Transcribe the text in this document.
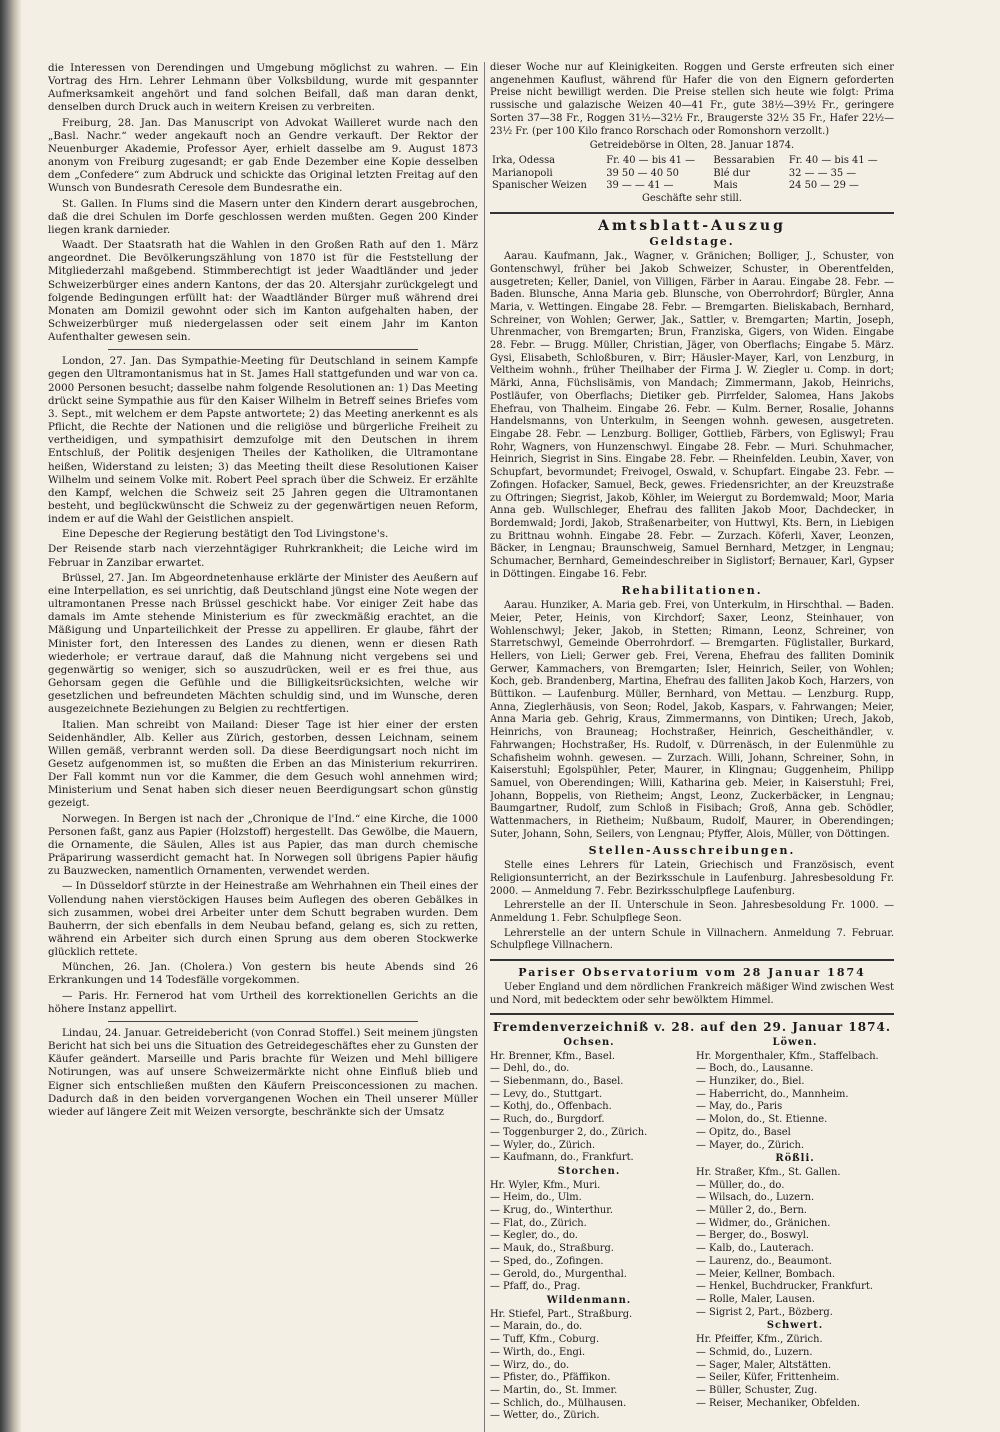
die Interessen von Derendingen und Umgebung möglichst zu wahren. — Ein Vortrag des Hrn. Lehrer Lehmann über Volksbildung, wurde mit gespannter Aufmerksamkeit angehört und fand solchen Beifall, daß man daran denkt, denselben durch Druck auch in weitern Kreisen zu verbreiten.

Freiburg, 28. Jan. Das Manuscript von Advokat Wailleret wurde nach den „Basl. Nachr.“ weder angekauft noch an Gendre verkauft. Der Rektor der Neuenburger Akademie, Professor Ayer, erhielt dasselbe am 9. August 1873 anonym von Freiburg zugesandt; er gab Ende Dezember eine Kopie desselben dem „Confedere“ zum Abdruck und schickte das Original letzten Freitag auf den Wunsch von Bundesrath Ceresole dem Bundesrathe ein.

St. Gallen. In Flums sind die Masern unter den Kindern derart ausgebrochen, daß die drei Schulen im Dorfe geschlossen werden mußten. Gegen 200 Kinder liegen krank darnieder.

Waadt. Der Staatsrath hat die Wahlen in den Großen Rath auf den 1. März angeordnet. Die Bevölkerungszählung von 1870 ist für die Feststellung der Mitgliederzahl maßgebend. Stimmberechtigt ist jeder Waadtländer und jeder Schweizerbürger eines andern Kantons, der das 20. Altersjahr zurückgelegt und folgende Bedingungen erfüllt hat: der Waadtländer Bürger muß während drei Monaten am Domizil gewohnt oder sich im Kanton aufgehalten haben, der Schweizerbürger muß niedergelassen oder seit einem Jahr im Kanton Aufenthalter gewesen sein.

London, 27. Jan. Das Sympathie-Meeting für Deutschland in seinem Kampfe gegen den Ultramontanismus hat in St. James Hall stattgefunden und war von ca. 2000 Personen besucht; dasselbe nahm folgende Resolutionen an: 1) Das Meeting drückt seine Sympathie aus für den Kaiser Wilhelm in Betreff seines Briefes vom 3. Sept., mit welchem er dem Papste antwortete; 2) das Meeting anerkennt es als Pflicht, die Rechte der Nationen und die religiöse und bürgerliche Freiheit zu vertheidigen, und sympathisirt demzufolge mit den Deutschen in ihrem Entschluß, der Politik desjenigen Theiles der Katholiken, die Ultramontane heißen, Widerstand zu leisten; 3) das Meeting theilt diese Resolutionen Kaiser Wilhelm und seinem Volke mit. Robert Peel sprach über die Schweiz. Er erzählte den Kampf, welchen die Schweiz seit 25 Jahren gegen die Ultramontanen besteht, und beglückwünscht die Schweiz zu der gegenwärtigen neuen Reform, indem er auf die Wahl der Geistlichen anspielt.

Eine Depesche der Regierung bestätigt den Tod Livingstone's.

Der Reisende starb nach vierzehntägiger Ruhrkrankheit; die Leiche wird im Februar in Zanzibar erwartet.

Brüssel, 27. Jan. Im Abgeordnetenhause erklärte der Minister des Aeußern auf eine Interpellation, es sei unrichtig, daß Deutschland jüngst eine Note wegen der ultramontanen Presse nach Brüssel geschickt habe. Vor einiger Zeit habe das damals im Amte stehende Ministerium es für zweckmäßig erachtet, an die Mäßigung und Unparteilichkeit der Presse zu appelliren. Er glaube, fährt der Minister fort, den Interessen des Landes zu dienen, wenn er diesen Rath wiederhole; er vertraue darauf, daß die Mahnung nicht vergebens sei und gegenwärtig so weniger, sich so auszudrücken, weil er es frei thue, aus Gehorsam gegen die Gefühle und die Billigkeitsrücksichten, welche wir gesetzlichen und befreundeten Mächten schuldig sind, und im Wunsche, deren ausgezeichnete Beziehungen zu Belgien zu rechtfertigen.

Italien. Man schreibt von Mailand: Dieser Tage ist hier einer der ersten Seidenhändler, Alb. Keller aus Zürich, gestorben, dessen Leichnam, seinem Willen gemäß, verbrannt werden soll. Da diese Beerdigungsart noch nicht im Gesetz aufgenommen ist, so mußten die Erben an das Ministerium rekurriren. Der Fall kommt nun vor die Kammer, die dem Gesuch wohl annehmen wird; Ministerium und Senat haben sich dieser neuen Beerdigungsart schon günstig gezeigt.

Norwegen. In Bergen ist nach der „Chronique de l'Ind.“ eine Kirche, die 1000 Personen faßt, ganz aus Papier (Holzstoff) hergestellt. Das Gewölbe, die Mauern, die Ornamente, die Säulen, Alles ist aus Papier, das man durch chemische Präparirung wasserdicht gemacht hat. In Norwegen soll übrigens Papier häufig zu Bauzwecken, namentlich Ornamenten, verwendet werden.

— In Düsseldorf stürzte in der Heinestraße am Wehrhahnen ein Theil eines der Vollendung nahen vierstöckigen Hauses beim Auflegen des oberen Gebälkes in sich zusammen, wobei drei Arbeiter unter dem Schutt begraben wurden. Dem Bauherrn, der sich ebenfalls in dem Neubau befand, gelang es, sich zu retten, während ein Arbeiter sich durch einen Sprung aus dem oberen Stockwerke glücklich rettete.

München, 26. Jan. (Cholera.) Von gestern bis heute Abends sind 26 Erkrankungen und 14 Todesfälle vorgekommen.

— Paris. Hr. Fernerod hat vom Urtheil des korrektionellen Gerichts an die höhere Instanz appellirt.

Lindau, 24. Januar. Getreidebericht (von Conrad Stoffel.) Seit meinem jüngsten Bericht hat sich bei uns die Situation des Getreidegeschäftes eher zu Gunsten der Käufer geändert. Marseille und Paris brachte für Weizen und Mehl billigere Notirungen, was auf unsere Schweizermärkte nicht ohne Einfluß blieb und Eigner sich entschließen mußten den Käufern Preisconcessionen zu machen. Dadurch daß in den beiden vorvergangenen Wochen ein Theil unserer Müller wieder auf längere Zeit mit Weizen versorgte, beschränkte sich der Umsatz

dieser Woche nur auf Kleinigkeiten. Roggen und Gerste erfreuten sich einer angenehmen Kauflust, während für Hafer die von den Eignern geforderten Preise nicht bewilligt werden. Die Preise stellen sich heute wie folgt: Prima russische und galazische Weizen 40—41 Fr., gute 38½—39½ Fr., geringere Sorten 37—38 Fr., Roggen 31½—32½ Fr., Braugerste 32½ 35 Fr., Hafer 22½—23½ Fr. (per 100 Kilo franco Rorschach oder Romonshorn verzollt.)

Getreidebörse in Olten, 28. Januar 1874.

Irka, Odessa	Fr. 40 — bis 41 —	Bessarabien	Fr. 40 — bis 41 —
Marianopoli	39 50 — 40 50	Blé dur	32 — — 35 —
Spanischer Weizen	39 — — 41 —	Mais	24 50 — 29 —

Geschäfte sehr still.

Amtsblatt-Auszug
Geldstage.

Aarau. Kaufmann, Jak., Wagner, v. Gränichen; Bolliger, J., Schuster, von Gontenschwyl, früher bei Jakob Schweizer, Schuster, in Oberentfelden, ausgetreten; Keller, Daniel, von Villigen, Färber in Aarau. Eingabe 28. Febr. — Baden. Blunsche, Anna Maria geb. Blunsche, von Oberrohrdorf; Bürgler, Anna Maria, v. Wettingen. Eingabe 28. Febr. — Bremgarten. Bieliskabach, Bernhard, Schreiner, von Wohlen; Gerwer, Jak., Sattler, v. Bremgarten; Martin, Joseph, Uhrenmacher, von Bremgarten; Brun, Franziska, Gigers, von Widen. Eingabe 28. Febr. — Brugg. Müller, Christian, Jäger, von Oberflachs; Eingabe 5. März. Gysi, Elisabeth, Schloßburen, v. Birr; Häusler-Mayer, Karl, von Lenzburg, in Veltheim wohnh., früher Theilhaber der Firma J. W. Ziegler u. Comp. in dort; Märki, Anna, Füchslisämis, von Mandach; Zimmermann, Jakob, Heinrichs, Postläufer, von Oberflachs; Dietiker geb. Pirrfelder, Salomea, Hans Jakobs Ehefrau, von Thalheim. Eingabe 26. Febr. — Kulm. Berner, Rosalie, Johanns Handelsmanns, von Unterkulm, in Seengen wohnh. gewesen, ausgetreten. Eingabe 28. Febr. — Lenzburg. Bolliger, Gottlieb, Färbers, von Egliswyl; Frau Rohr, Wagners, von Hunzenschwyl. Eingabe 28. Febr. — Muri. Schuhmacher, Heinrich, Siegrist in Sins. Eingabe 28. Febr. — Rheinfelden. Leubin, Xaver, von Schupfart, bevormundet; Freivogel, Oswald, v. Schupfart. Eingabe 23. Febr. — Zofingen. Hofacker, Samuel, Beck, gewes. Friedensrichter, an der Kreuzstraße zu Oftringen; Siegrist, Jakob, Köhler, im Weiergut zu Bordemwald; Moor, Maria Anna geb. Wullschleger, Ehefrau des falliten Jakob Moor, Dachdecker, in Bordemwald; Jordi, Jakob, Straßenarbeiter, von Huttwyl, Kts. Bern, in Liebigen zu Brittnau wohnh. Eingabe 28. Febr. — Zurzach. Köferli, Xaver, Leonzen, Bäcker, in Lengnau; Braunschweig, Samuel Bernhard, Metzger, in Lengnau; Schumacher, Bernhard, Gemeindeschreiber in Siglistorf; Bernauer, Karl, Gypser in Döttingen. Eingabe 16. Febr.

Rehabilitationen.

Aarau. Hunziker, A. Maria geb. Frei, von Unterkulm, in Hirschthal. — Baden. Meier, Peter, Heinis, von Kirchdorf; Saxer, Leonz, Steinhauer, von Wohlenschwyl; Jeker, Jakob, in Stetten; Rimann, Leonz, Schreiner, von Starretschwyl, Gemeinde Oberrohrdorf. — Bremgarten. Füglistaller, Burkard, Hellers, von Lieli; Gerwer geb. Frei, Verena, Ehefrau des falliten Dominik Gerwer, Kammachers, von Bremgarten; Isler, Heinrich, Seiler, von Wohlen; Koch, geb. Brandenberg, Martina, Ehefrau des falliten Jakob Koch, Harzers, von Büttikon. — Laufenburg. Müller, Bernhard, von Mettau. — Lenzburg. Rupp, Anna, Zieglerhäusis, von Seon; Rodel, Jakob, Kaspars, v. Fahrwangen; Meier, Anna Maria geb. Gehrig, Kraus, Zimmermanns, von Dintiken; Urech, Jakob, Heinrichs, von Brauneag; Hochstraßer, Heinrich, Gescheithändler, v. Fahrwangen; Hochstraßer, Hs. Rudolf, v. Dürrenäsch, in der Eulenmühle zu Schafisheim wohnh. gewesen. — Zurzach. Willi, Johann, Schreiner, Sohn, in Kaiserstuhl; Egolspühler, Peter, Maurer, in Klingnau; Guggenheim, Philipp Samuel, von Oberendingen; Willi, Katharina geb. Meier, in Kaiserstuhl; Frei, Johann, Boppelis, von Rietheim; Angst, Leonz, Zuckerbäcker, in Lengnau; Baumgartner, Rudolf, zum Schloß in Fisibach; Groß, Anna geb. Schödler, Wattenmachers, in Rietheim; Nußbaum, Rudolf, Maurer, in Oberendingen; Suter, Johann, Sohn, Seilers, von Lengnau; Pfyffer, Alois, Müller, von Döttingen.

Stellen-Ausschreibungen.

Stelle eines Lehrers für Latein, Griechisch und Französisch, event Religionsunterricht, an der Bezirksschule in Laufenburg. Jahresbesoldung Fr. 2000. — Anmeldung 7. Febr. Bezirksschulpflege Laufenburg.

Lehrerstelle an der II. Unterschule in Seon. Jahresbesoldung Fr. 1000. — Anmeldung 1. Febr. Schulpflege Seon.

Lehrerstelle an der untern Schule in Villnachern. Anmeldung 7. Februar. Schulpflege Villnachern.

Pariser Observatorium vom 28 Januar 1874

Ueber England und dem nördlichen Frankreich mäßiger Wind zwischen West und Nord, mit bedecktem oder sehr bewölktem Himmel.

Fremdenverzeichniß v. 28. auf den 29. Januar 1874.
Ochsen.
Hr. Brenner, Kfm., Basel.
— Dehl, do., do.
— Siebenmann, do., Basel.
— Levy, do., Stuttgart.
— Kothj, do., Offenbach.
— Ruch, do., Burgdorf.
— Toggenburger 2, do., Zürich.
— Wyler, do., Zürich.
— Kaufmann, do., Frankfurt.
Storchen.
Hr. Wyler, Kfm., Muri.
— Heim, do., Ulm.
— Krug, do., Winterthur.
— Flat, do., Zürich.
— Kegler, do., do.
— Mauk, do., Straßburg.
— Sped, do., Zofingen.
— Gerold, do., Murgenthal.
— Pfaff, do., Prag.
Wildenmann.
Hr. Stiefel, Part., Straßburg.
— Marain, do., do.
— Tuff, Kfm., Coburg.
— Wirth, do., Engi.
— Wirz, do., do.
— Pfister, do., Pfäffikon.
— Martin, do., St. Immer.
— Schlich, do., Mülhausen.
— Wetter, do., Zürich.
Löwen.
Hr. Morgenthaler, Kfm., Staffelbach.
— Boch, do., Lausanne.
— Hunziker, do., Biel.
— Haberricht, do., Mannheim.
— May, do., Paris
— Molon, do., St. Etienne.
— Opitz, do., Basel
— Mayer, do., Zürich.
Rößli.
Hr. Straßer, Kfm., St. Gallen.
— Müller, do., do.
— Wilsach, do., Luzern.
— Müller 2, do., Bern.
— Widmer, do., Gränichen.
— Berger, do., Boswyl.
— Kalb, do., Lauterach.
— Laurenz, do., Beaumont.
— Meier, Kellner, Bombach.
— Henkel, Buchdrucker, Frankfurt.
— Rolle, Maler, Lausen.
— Sigrist 2, Part., Bözberg.
Schwert.
Hr. Pfeiffer, Kfm., Zürich.
— Schmid, do., Luzern.
— Sager, Maler, Altstätten.
— Seiler, Küfer, Frittenheim.
— Büller, Schuster, Zug.
— Reiser, Mechaniker, Obfelden.
